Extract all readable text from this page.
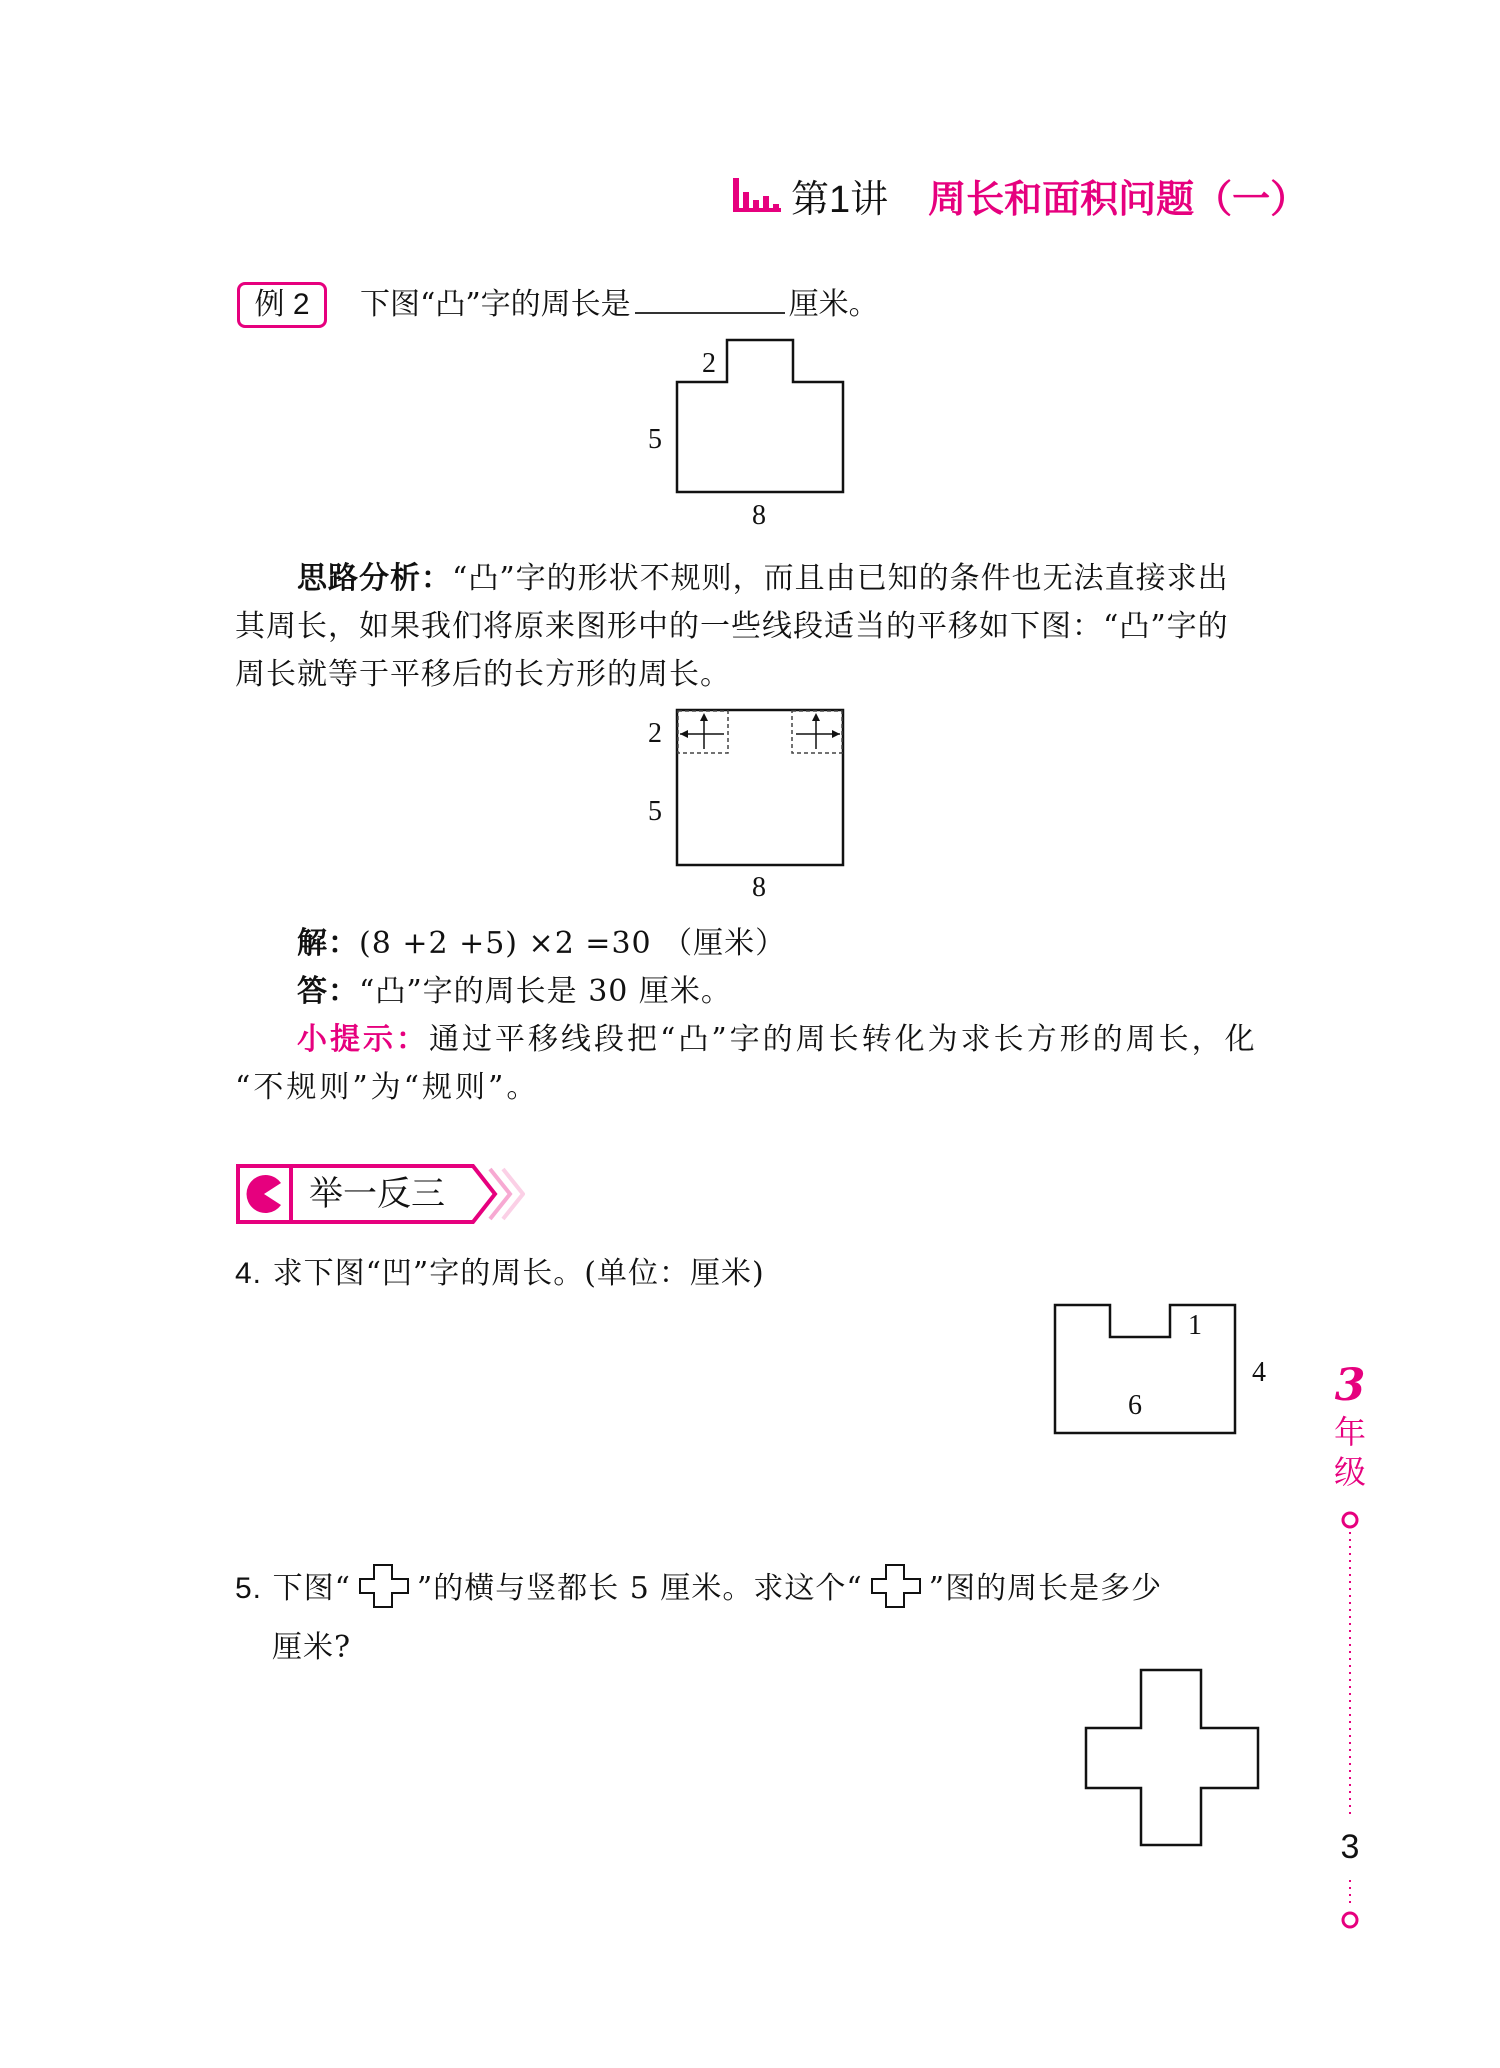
第1讲 周长和面积问题（一）
例 2	下图“凸”字的周长是	厘米。
2
5
8
思路分析：“凸”字的形状不规则，而且由已知的条件也无法直接求出
其周长，如果我们将原来图形中的一些线段适当的平移如下图：“凸”字的
周长就等于平移后的长方形的周长。
2
5
8
解：(8 +2 +5) ×2 =30 （厘米）
答：“凸”字的周长是 30 厘米。
小提示：通过平移线段把“凸”字的周长转化为求长方形的周长，化
“不规则”为“规则”。
举一反三
4. 求下图“凹”字的周长。(单位：厘米)
1
4
6
5. 下图“ ”的横与竖都长 5 厘米。求这个“ ”图的周长是多少
厘米?
3
年
级
3
